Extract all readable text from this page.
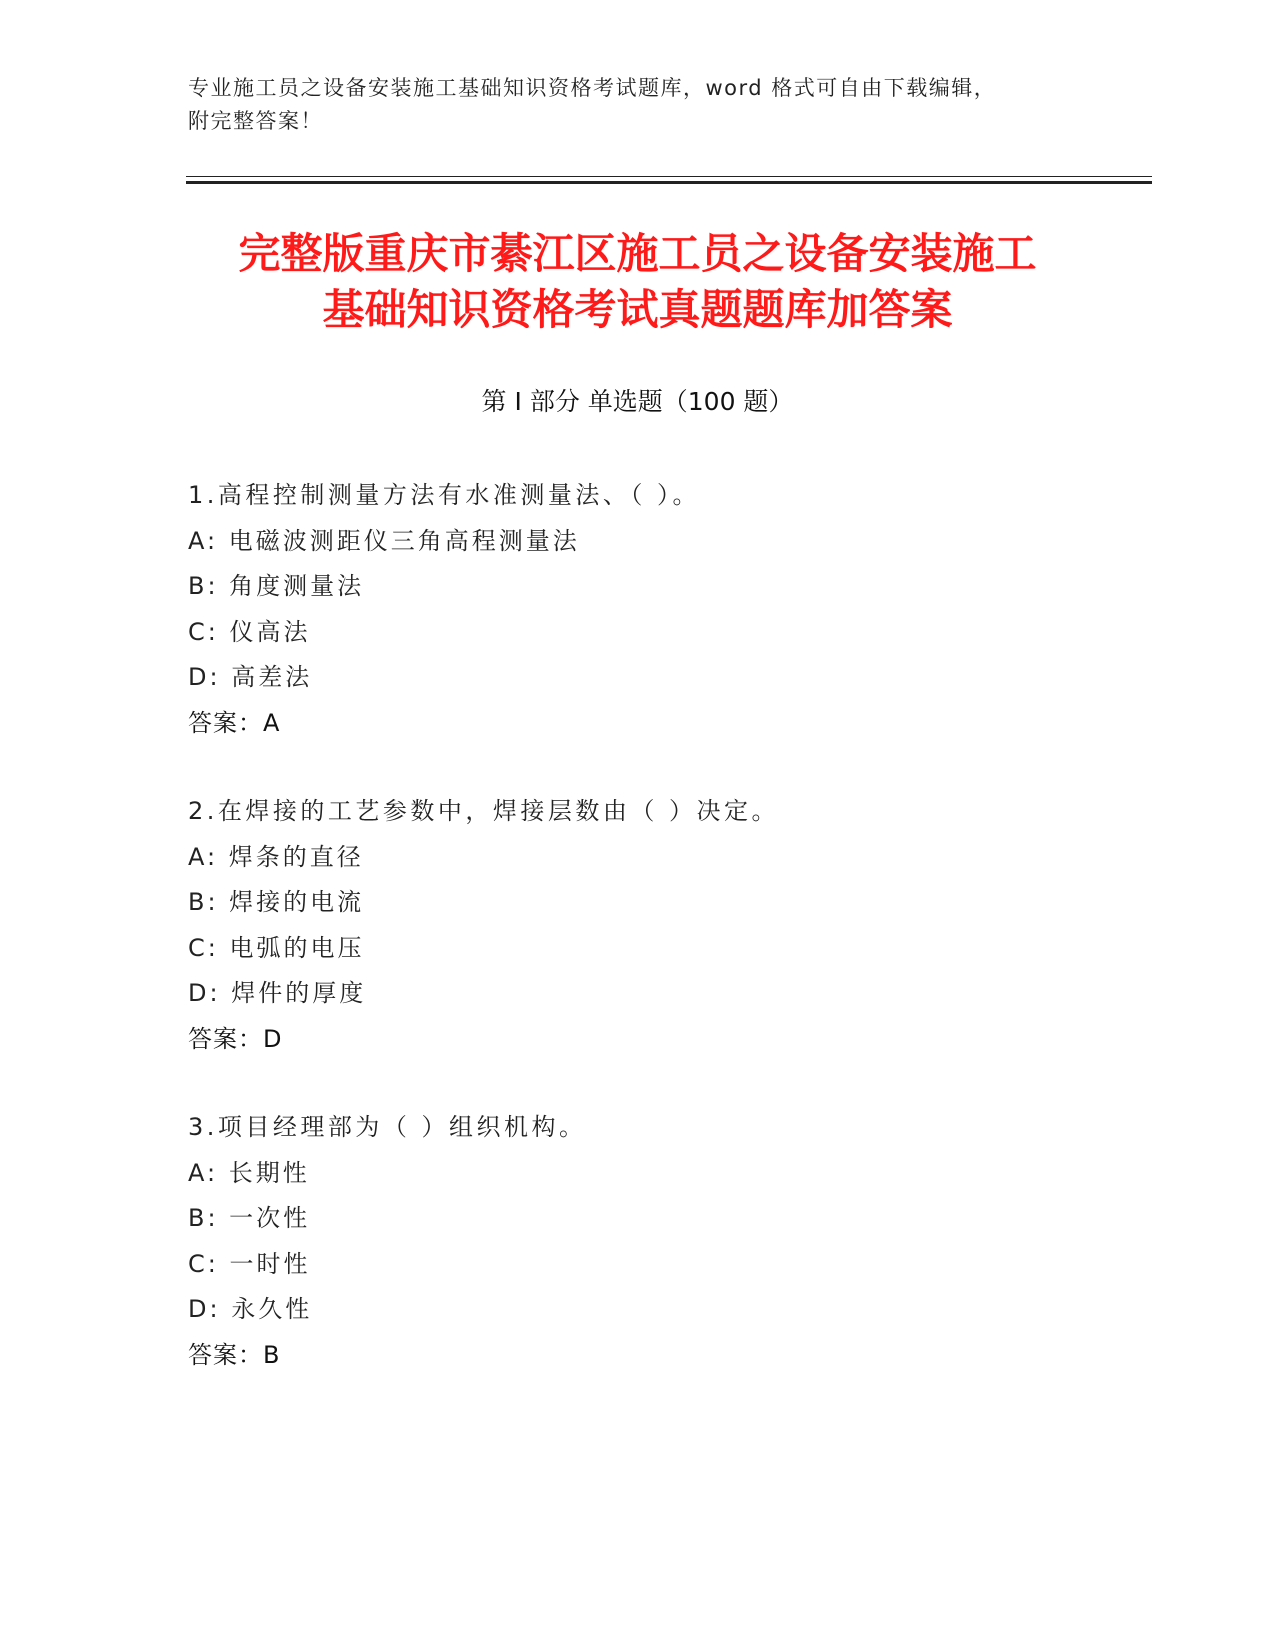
专业施工员之设备安装施工基础知识资格考试题库，word 格式可自由下载编辑，
附完整答案！
完整版重庆市綦江区施工员之设备安装施工
基础知识资格考试真题题库加答案
第 I 部分 单选题（100 题）
1.高程控制测量方法有水准测量法、（ ）。
A: 电磁波测距仪三角高程测量法
B: 角度测量法
C: 仪高法
D: 高差法
答案：A
2.在焊接的工艺参数中，焊接层数由（ ）决定。
A: 焊条的直径
B: 焊接的电流
C: 电弧的电压
D: 焊件的厚度
答案：D
3.项目经理部为（ ）组织机构。
A: 长期性
B: 一次性
C: 一时性
D: 永久性
答案：B
